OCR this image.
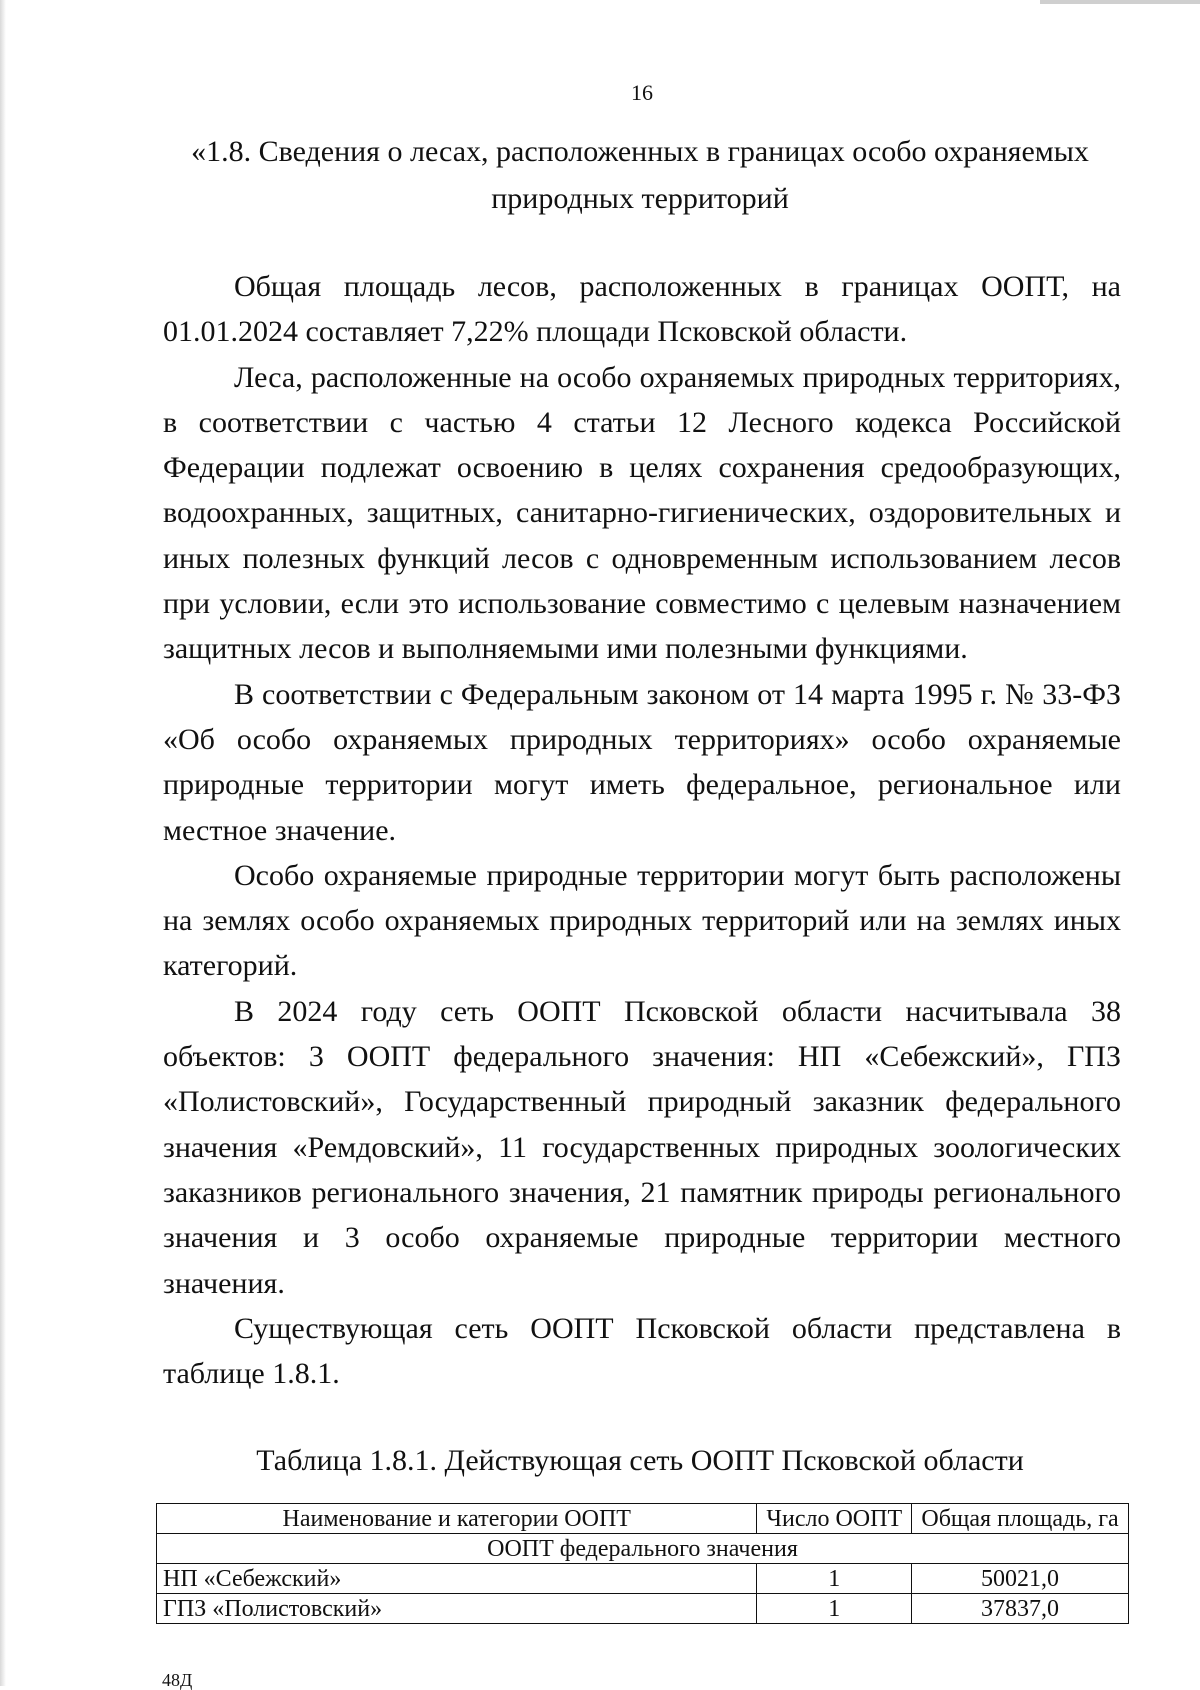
16
«1.8. Сведения о лесах, расположенных в границах особо охраняемых
природных территорий

Общая площадь лесов, расположенных в границах ООПТ, на 01.01.2024 составляет 7,22% площади Псковской области.

Леса, расположенные на особо охраняемых природных территориях, в соответствии с частью 4 статьи 12 Лесного кодекса Российской Федерации подлежат освоению в целях сохранения средообразующих, водоохранных, защитных, санитарно-гигиенических, оздоровительных и иных полезных функций лесов с одновременным использованием лесов при условии, если это использование совместимо с целевым назначением защитных лесов и выполняемыми ими полезными функциями.

В соответствии с Федеральным законом от 14 марта 1995 г. № 33-ФЗ «Об особо охраняемых природных территориях» особо охраняемые природные территории могут иметь федеральное, региональное или местное значение.

Особо охраняемые природные территории могут быть расположены на землях особо охраняемых природных территорий или на землях иных категорий.

В 2024 году сеть ООПТ Псковской области насчитывала 38 объектов: 3 ООПТ федерального значения: НП «Себежский», ГПЗ «Полистовский», Государственный природный заказник федерального значения «Ремдовский», 11 государственных природных зоологических заказников регионального значения, 21 памятник природы регионального значения и 3 особо охраняемые природные территории местного значения.

Существующая сеть ООПТ Псковской области представлена в таблице 1.8.1.

Таблица 1.8.1. Действующая сеть ООПТ Псковской области
Наименование и категории ООПТ	Число ООПТ	Общая площадь, га
ООПТ федерального значения		
НП «Себежский»	1	50021,0
ГПЗ «Полистовский»	1	37837,0
48Д
